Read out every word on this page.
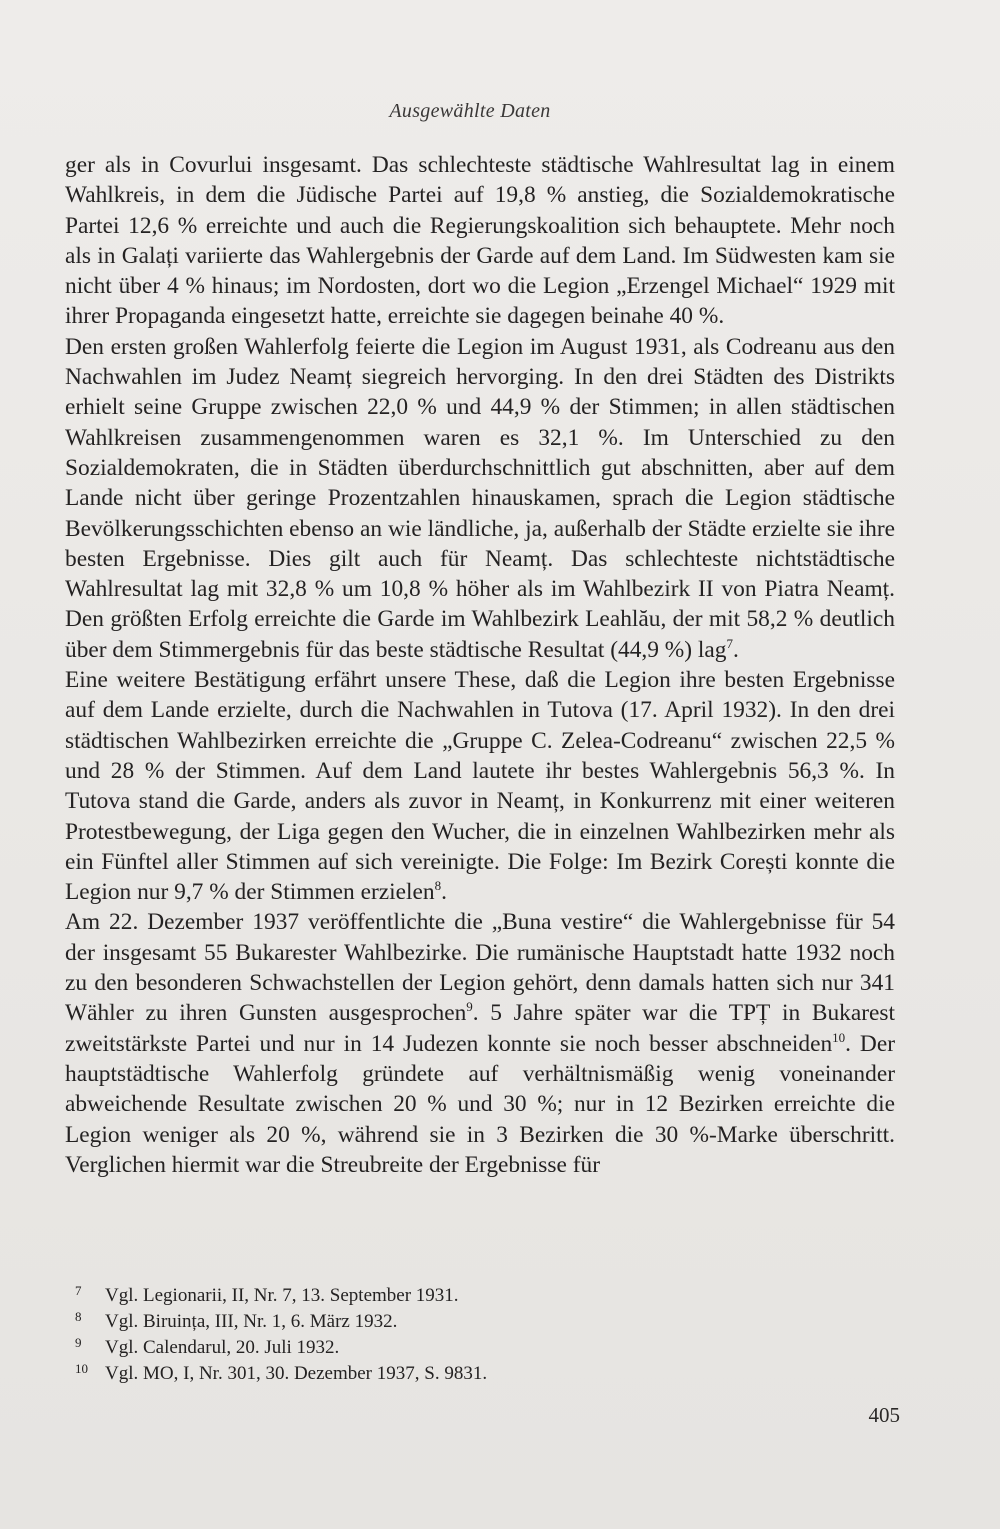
Ausgewählte Daten

ger als in Covurlui insgesamt. Das schlechteste städtische Wahlresultat lag in einem Wahlkreis, in dem die Jüdische Partei auf 19,8 % anstieg, die Sozialdemokratische Partei 12,6 % erreichte und auch die Regierungskoalition sich behauptete. Mehr noch als in Galați variierte das Wahlergebnis der Garde auf dem Land. Im Südwesten kam sie nicht über 4 % hinaus; im Nordosten, dort wo die Legion „Erzengel Michael“ 1929 mit ihrer Propaganda eingesetzt hatte, erreichte sie dagegen beinahe 40 %.

Den ersten großen Wahlerfolg feierte die Legion im August 1931, als Codreanu aus den Nachwahlen im Judez Neamț siegreich hervorging. In den drei Städten des Distrikts erhielt seine Gruppe zwischen 22,0 % und 44,9 % der Stimmen; in allen städtischen Wahlkreisen zusammengenommen waren es 32,1 %. Im Unterschied zu den Sozialdemokraten, die in Städten überdurchschnittlich gut abschnitten, aber auf dem Lande nicht über geringe Prozentzahlen hinauskamen, sprach die Legion städtische Bevölkerungsschichten ebenso an wie ländliche, ja, außerhalb der Städte erzielte sie ihre besten Ergebnisse. Dies gilt auch für Neamț. Das schlechteste nichtstädtische Wahlresultat lag mit 32,8 % um 10,8 % höher als im Wahlbezirk II von Piatra Neamț. Den größten Erfolg erreichte die Garde im Wahlbezirk Leahlău, der mit 58,2 % deutlich über dem Stimmergebnis für das beste städtische Resultat (44,9 %) lag$^7$.

Eine weitere Bestätigung erfährt unsere These, daß die Legion ihre besten Ergebnisse auf dem Lande erzielte, durch die Nachwahlen in Tutova (17. April 1932). In den drei städtischen Wahlbezirken erreichte die „Gruppe C. Zelea-Codreanu“ zwischen 22,5 % und 28 % der Stimmen. Auf dem Land lautete ihr bestes Wahlergebnis 56,3 %. In Tutova stand die Garde, anders als zuvor in Neamț, in Konkurrenz mit einer weiteren Protestbewegung, der Liga gegen den Wucher, die in einzelnen Wahlbezirken mehr als ein Fünftel aller Stimmen auf sich vereinigte. Die Folge: Im Bezirk Corești konnte die Legion nur 9,7 % der Stimmen erzielen$^8$.

Am 22. Dezember 1937 veröffentlichte die „Buna vestire“ die Wahlergebnisse für 54 der insgesamt 55 Bukarester Wahlbezirke. Die rumänische Hauptstadt hatte 1932 noch zu den besonderen Schwachstellen der Legion gehört, denn damals hatten sich nur 341 Wähler zu ihren Gunsten ausgesprochen$^9$. 5 Jahre später war die TPȚ in Bukarest zweitstärkste Partei und nur in 14 Judezen konnte sie noch besser abschneiden$^{10}$. Der hauptstädtische Wahlerfolg gründete auf verhältnismäßig wenig voneinander abweichende Resultate zwischen 20 % und 30 %; nur in 12 Bezirken erreichte die Legion weniger als 20 %, während sie in 3 Bezirken die 30 %-Marke überschritt. Verglichen hiermit war die Streubreite der Ergebnisse für

7	Vgl. Legionarii, II, Nr. 7, 13. September 1931.
8	Vgl. Biruința, III, Nr. 1, 6. März 1932.
9	Vgl. Calendarul, 20. Juli 1932.
10 Vgl. MO, I, Nr. 301, 30. Dezember 1937, S. 9831.
405
